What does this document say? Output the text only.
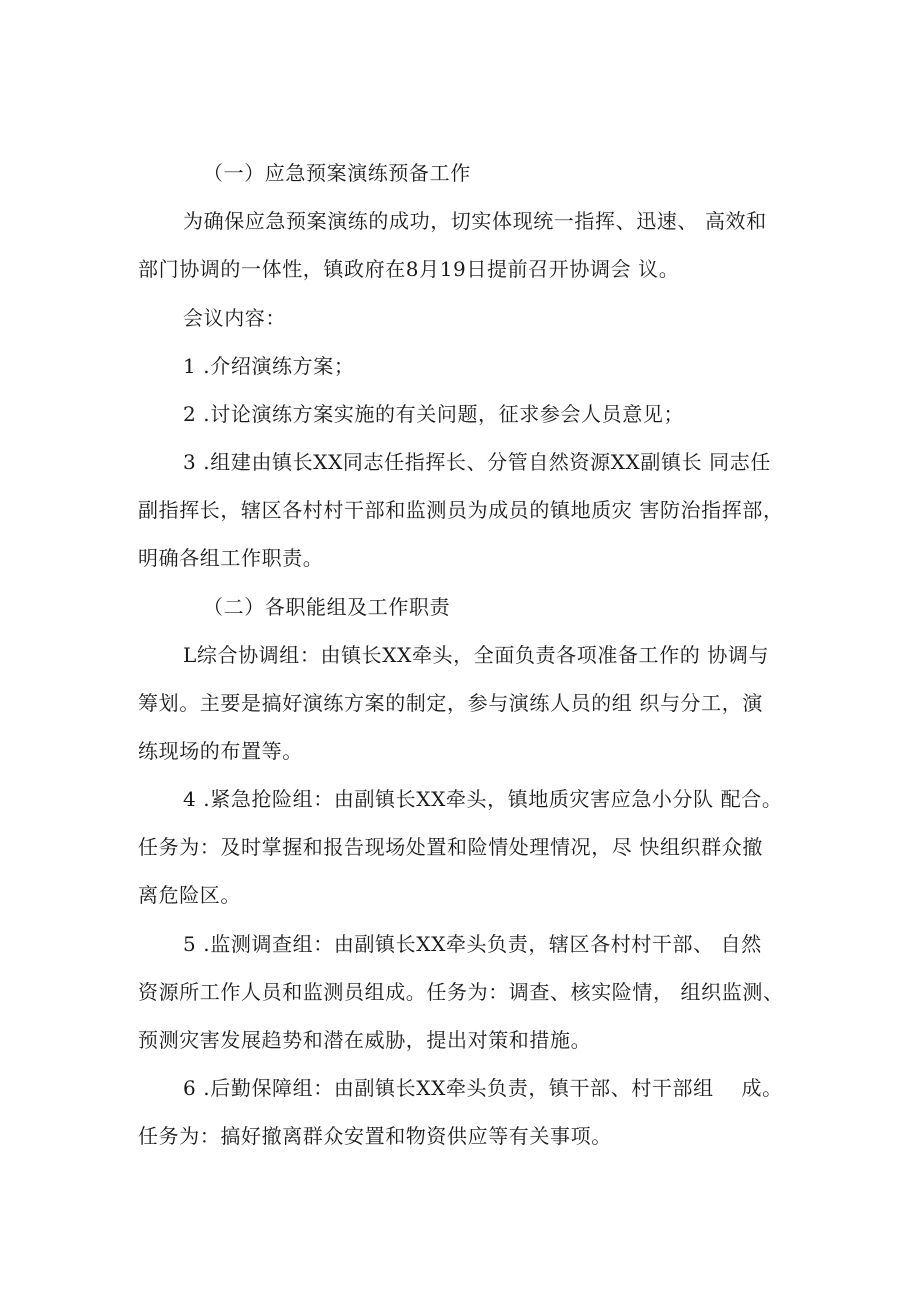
（一）应急预案演练预备工作
为确保应急预案演练的成功，切实体现统一指挥、迅速、 高效和
部门协调的一体性，镇政府在8月19日提前召开协调会 议。
会议内容：
1 .介绍演练方案；
2 .讨论演练方案实施的有关问题，征求参会人员意见；
3 .组建由镇长XX同志任指挥长、分管自然资源XX副镇长 同志任
副指挥长，辖区各村村干部和监测员为成员的镇地质灾 害防治指挥部，
明确各组工作职责。
（二）各职能组及工作职责
L综合协调组：由镇长XX牵头，全面负责各项准备工作的 协调与
筹划。主要是搞好演练方案的制定，参与演练人员的组 织与分工，演
练现场的布置等。
4 .紧急抢险组：由副镇长XX牵头，镇地质灾害应急小分队 配合。
任务为：及时掌握和报告现场处置和险情处理情况，尽 快组织群众撤
离危险区。
5 .监测调查组：由副镇长XX牵头负责，辖区各村村干部、 自然
资源所工作人员和监测员组成。任务为：调查、核实险情， 组织监测、
预测灾害发展趋势和潜在威胁，提出对策和措施。
6 .后勤保障组：由副镇长XX牵头负责，镇干部、村干部组    成。
任务为：搞好撤离群众安置和物资供应等有关事项。
